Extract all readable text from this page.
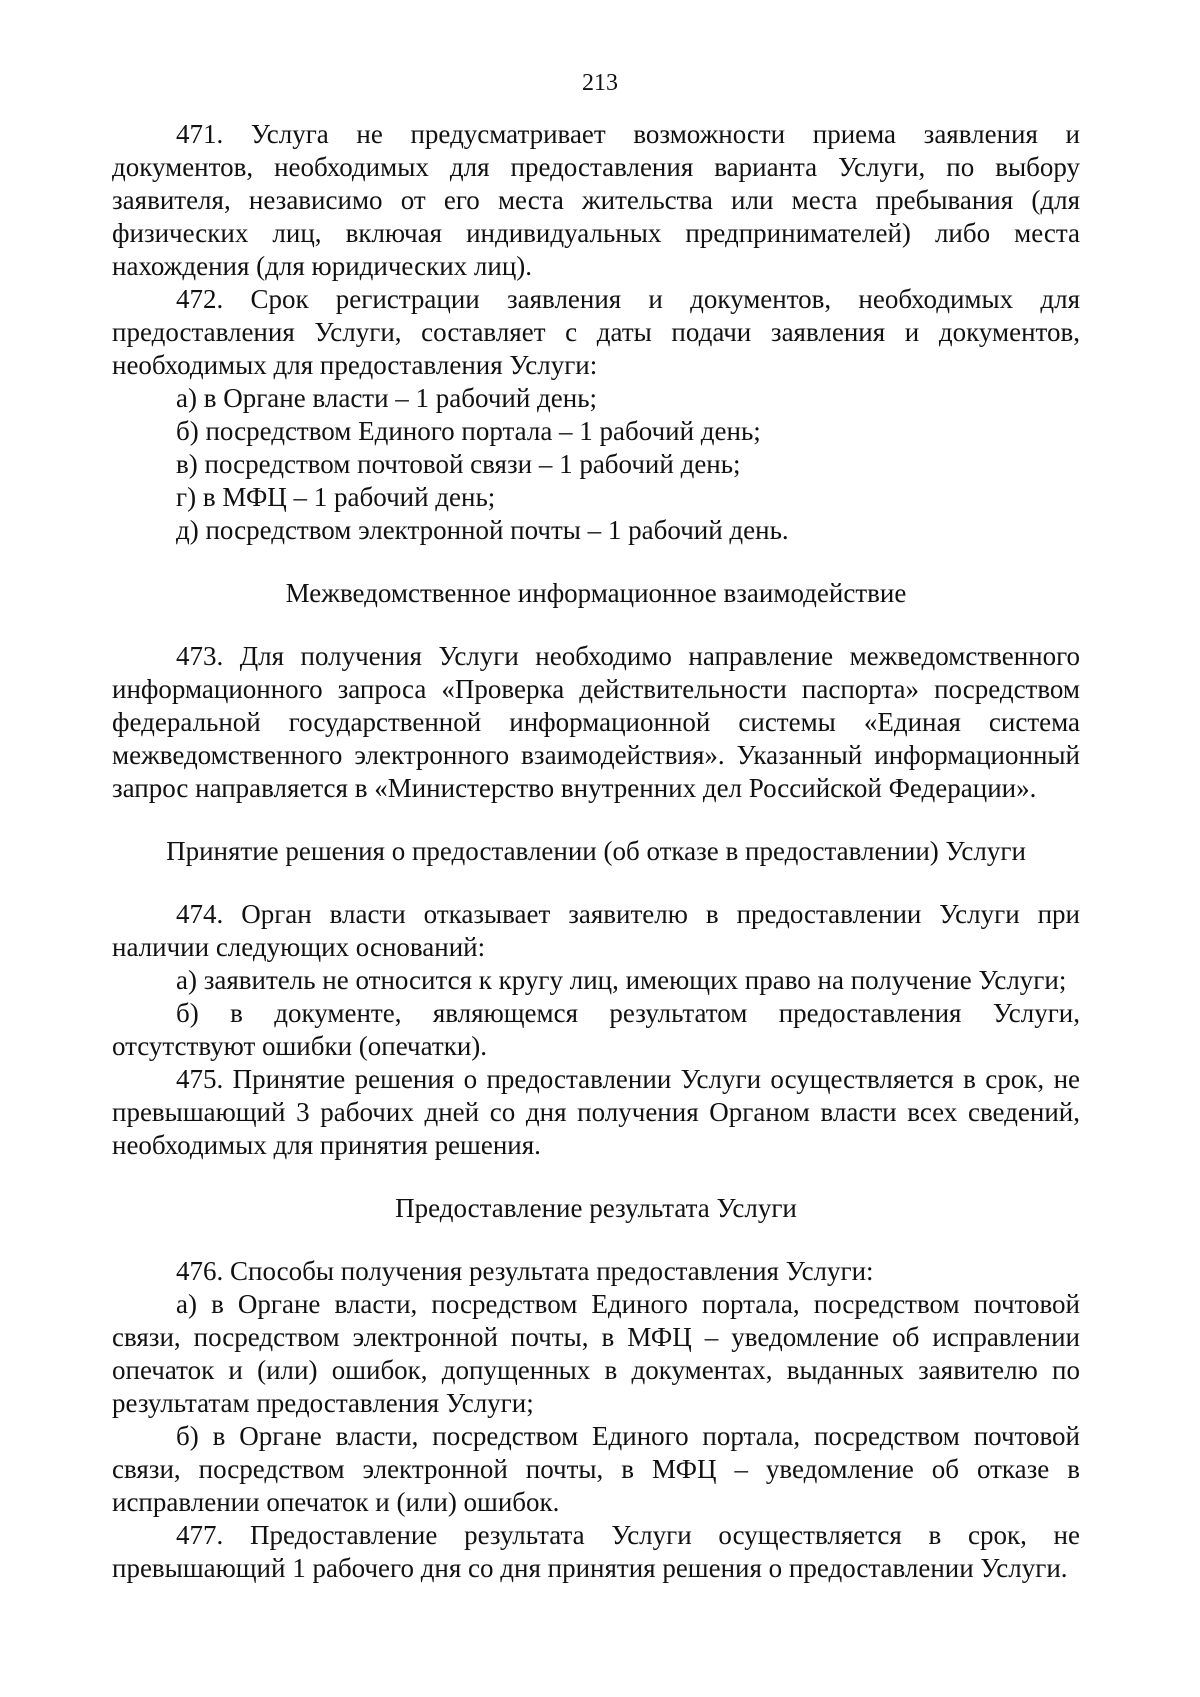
213

471. Услуга не предусматривает возможности приема заявления и документов, необходимых для предоставления варианта Услуги, по выбору заявителя, независимо от его места жительства или места пребывания (для физических лиц, включая индивидуальных предпринимателей) либо места нахождения (для юридических лиц).

472. Срок регистрации заявления и документов, необходимых для предоставления Услуги, составляет с даты подачи заявления и документов, необходимых для предоставления Услуги:

а) в Органе власти – 1 рабочий день;

б) посредством Единого портала – 1 рабочий день;

в) посредством почтовой связи – 1 рабочий день;

г) в МФЦ – 1 рабочий день;

д) посредством электронной почты – 1 рабочий день.

Межведомственное информационное взаимодействие

473. Для получения Услуги необходимо направление межведомственного информационного запроса «Проверка действительности паспорта» посредством федеральной государственной информационной системы «Единая система межведомственного электронного взаимодействия». Указанный информационный запрос направляется в «Министерство внутренних дел Российской Федерации».

Принятие решения о предоставлении (об отказе в предоставлении) Услуги

474. Орган власти отказывает заявителю в предоставлении Услуги при наличии следующих оснований:

а) заявитель не относится к кругу лиц, имеющих право на получение Услуги;

б) в документе, являющемся результатом предоставления Услуги, отсутствуют ошибки (опечатки).

475. Принятие решения о предоставлении Услуги осуществляется в срок, не превышающий 3 рабочих дней со дня получения Органом власти всех сведений, необходимых для принятия решения.

Предоставление результата Услуги

476. Способы получения результата предоставления Услуги:

а) в Органе власти, посредством Единого портала, посредством почтовой связи, посредством электронной почты, в МФЦ – уведомление об исправлении опечаток и (или) ошибок, допущенных в документах, выданных заявителю по результатам предоставления Услуги;

б) в Органе власти, посредством Единого портала, посредством почтовой связи, посредством электронной почты, в МФЦ – уведомление об отказе в исправлении опечаток и (или) ошибок.

477. Предоставление результата Услуги осуществляется в срок, не превышающий 1 рабочего дня со дня принятия решения о предоставлении Услуги.
